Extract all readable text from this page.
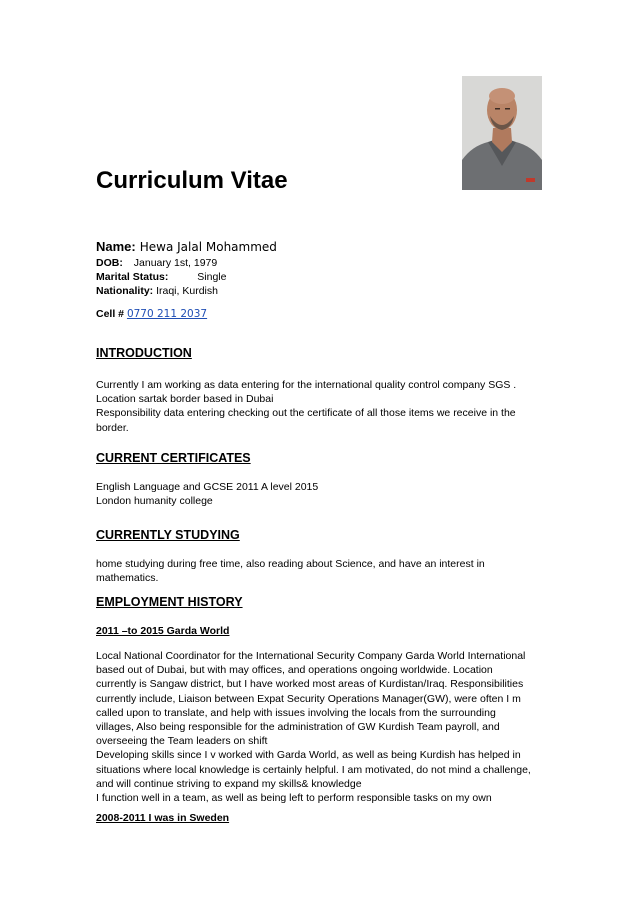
Curriculum Vitae
Name: Hewa Jalal Mohammed
DOB: January 1st, 1979
Marital Status:	Single
Nationality: Iraqi, Kurdish
Cell # 0770 211 2037
INTRODUCTION
Currently I am working as data entering for the international quality control company SGS .
Location sartak border based in Dubai
Responsibility data entering checking out the certificate of all those items we receive in the
border.
CURRENT CERTIFICATES
English Language and GCSE 2011 A level 2015
London humanity college
CURRENTLY STUDYING
home studying during free time, also reading about Science, and have an interest in
mathematics.
EMPLOYMENT HISTORY
2011 –to 2015 Garda World
Local National Coordinator for the International Security Company Garda World International
based out of Dubai, but with may offices, and operations ongoing worldwide. Location
currently is Sangaw district, but I have worked most areas of Kurdistan/Iraq. Responsibilities
currently include, Liaison between Expat Security Operations Manager(GW), were often I m
called upon to translate, and help with issues involving the locals from the surrounding
villages, Also being responsible for the administration of GW Kurdish Team payroll, and
overseeing the Team leaders on shift
Developing skills since I v worked with Garda World, as well as being Kurdish has helped in
situations where local knowledge is certainly helpful. I am motivated, do not mind a challenge,
and will continue striving to expand my skills& knowledge
I function well in a team, as well as being left to perform responsible tasks on my own
2008-2011 I was in Sweden
